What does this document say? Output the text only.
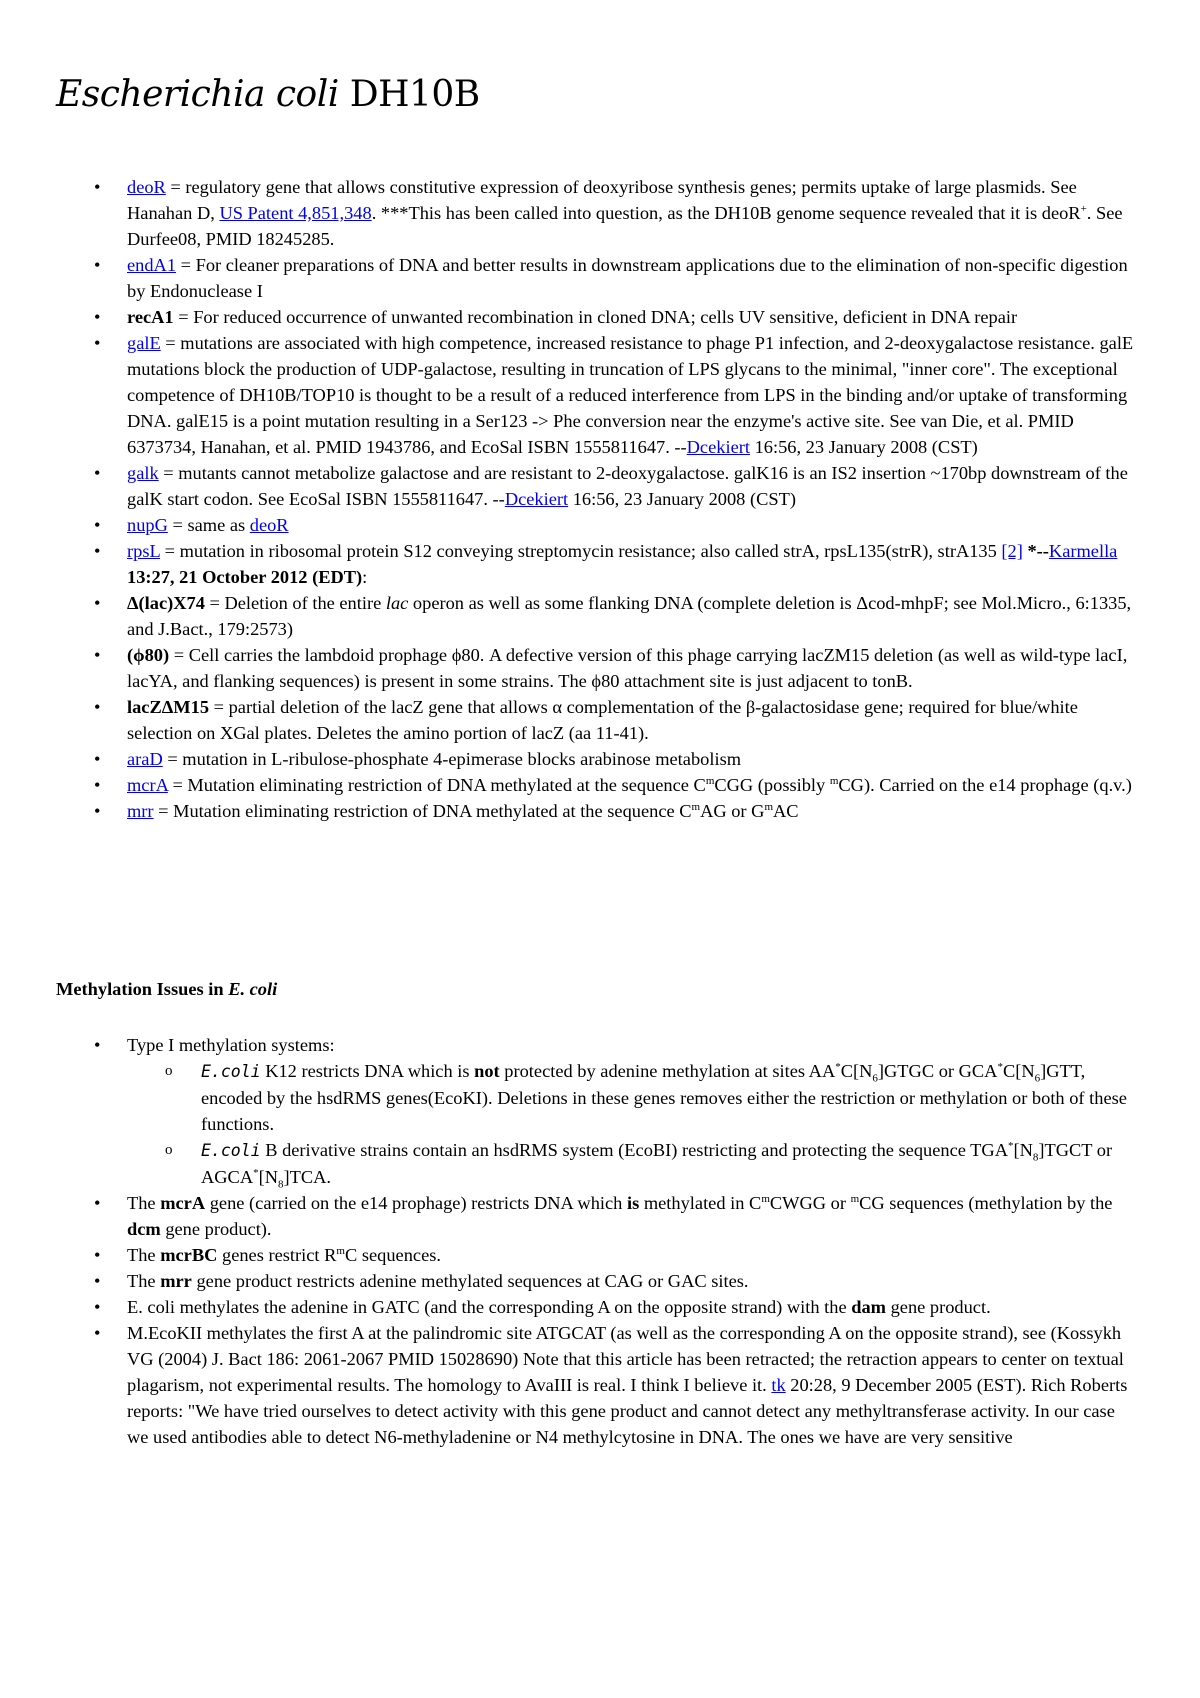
Escherichia coli DH10B
• deoR = regulatory gene that allows constitutive expression of deoxyribose synthesis genes; permits uptake of large plasmids. See Hanahan D, US Patent 4,851,348. ***This has been called into question, as the DH10B genome sequence revealed that it is deoR+. See Durfee08, PMID 18245285.
• endA1 = For cleaner preparations of DNA and better results in downstream applications due to the elimination of non-specific digestion by Endonuclease I
• recA1 = For reduced occurrence of unwanted recombination in cloned DNA; cells UV sensitive, deficient in DNA repair
• galE = mutations are associated with high competence, increased resistance to phage P1 infection, and 2-deoxygalactose resistance. galE mutations block the production of UDP-galactose, resulting in truncation of LPS glycans to the minimal, "inner core". The exceptional competence of DH10B/TOP10 is thought to be a result of a reduced interference from LPS in the binding and/or uptake of transforming DNA. galE15 is a point mutation resulting in a Ser123 -> Phe conversion near the enzyme's active site. See van Die, et al. PMID 6373734, Hanahan, et al. PMID 1943786, and EcoSal ISBN 1555811647. --Dcekiert 16:56, 23 January 2008 (CST)
• galk = mutants cannot metabolize galactose and are resistant to 2-deoxygalactose. galK16 is an IS2 insertion ~170bp downstream of the galK start codon. See EcoSal ISBN 1555811647. --Dcekiert 16:56, 23 January 2008 (CST)
• nupG = same as deoR
• rpsL = mutation in ribosomal protein S12 conveying streptomycin resistance; also called strA, rpsL135(strR), strA135 [2] *--Karmella 13:27, 21 October 2012 (EDT):
• Δ(lac)X74 = Deletion of the entire lac operon as well as some flanking DNA (complete deletion is Δcod-mhpF; see Mol.Micro., 6:1335, and J.Bact., 179:2573)
• (ϕ80) = Cell carries the lambdoid prophage ϕ80. A defective version of this phage carrying lacZM15 deletion (as well as wild-type lacI, lacYA, and flanking sequences) is present in some strains. The ϕ80 attachment site is just adjacent to tonB.
• lacZΔM15 = partial deletion of the lacZ gene that allows α complementation of the β-galactosidase gene; required for blue/white selection on XGal plates. Deletes the amino portion of lacZ (aa 11-41).
• araD = mutation in L-ribulose-phosphate 4-epimerase blocks arabinose metabolism
• mcrA = Mutation eliminating restriction of DNA methylated at the sequence $C^mCGG$ (possibly $^m$CG). Carried on the e14 prophage (q.v.)
• mrr = Mutation eliminating restriction of DNA methylated at the sequence $C^mAG$ or $G^mAC$
Methylation Issues in E. coli
• Type I methylation systems:
o E.coli K12 restricts DNA which is not protected by adenine methylation at sites $AA^*C[N_6]GTGC$ or $GCA^*C[N_6]GTT$, encoded by the hsdRMS genes(EcoKI). Deletions in these genes removes either the restriction or methylation or both of these functions.
o E.coli B derivative strains contain an hsdRMS system (EcoBI) restricting and protecting the sequence $TGA^*[N_8]TGCT$ or $AGCA^*[N_8]TCA$.
• The mcrA gene (carried on the e14 prophage) restricts DNA which is methylated in $C^mCWGG$ or $^m$CG sequences (methylation by the dcm gene product).
• The mcrBC genes restrict $R^mC$ sequences.
• The mrr gene product restricts adenine methylated sequences at CAG or GAC sites.
• E. coli methylates the adenine in GATC (and the corresponding A on the opposite strand) with the dam gene product.
• M.EcoKII methylates the first A at the palindromic site ATGCAT (as well as the corresponding A on the opposite strand), see (Kossykh VG (2004) J. Bact 186: 2061-2067 PMID 15028690) Note that this article has been retracted; the retraction appears to center on textual plagarism, not experimental results. The homology to AvaIII is real. I think I believe it. tk 20:28, 9 December 2005 (EST). Rich Roberts reports: "We have tried ourselves to detect activity with this gene product and cannot detect any methyltransferase activity. In our case we used antibodies able to detect N6-methyladenine or N4 methylcytosine in DNA. The ones we have are very sensitive
